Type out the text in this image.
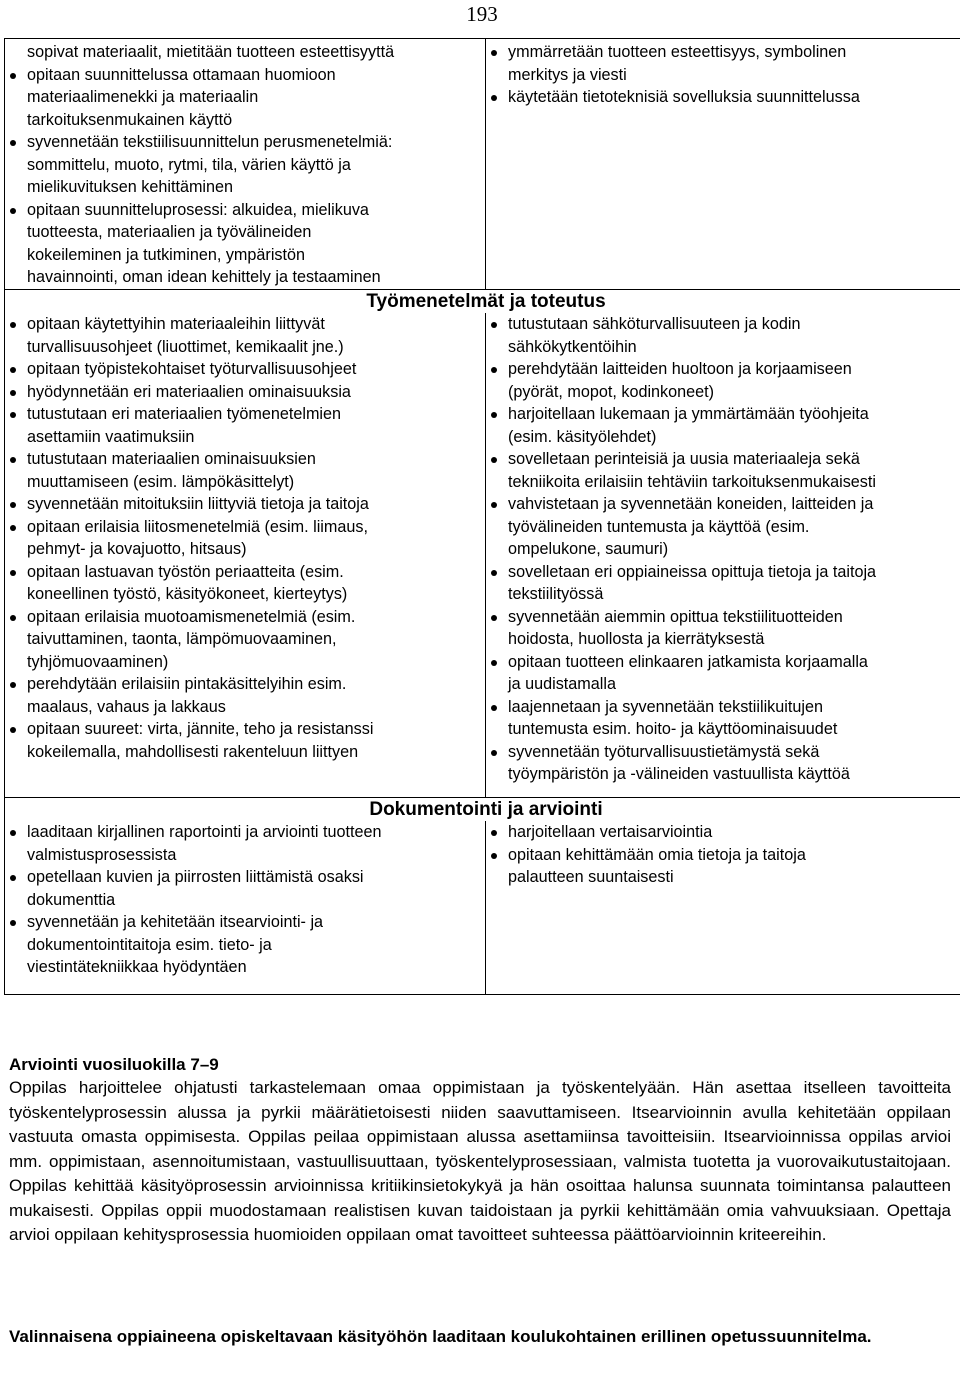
193
sopivat materiaalit, mietitään tuotteen esteettisyyttä
opitaan suunnittelussa ottamaan huomioon
materiaalimenekki ja materiaalin
tarkoituksenmukainen käyttö
syvennetään tekstiilisuunnittelun perusmenetelmiä:
sommittelu, muoto, rytmi, tila, värien käyttö ja
mielikuvituksen kehittäminen
opitaan suunnitteluprosessi: alkuidea, mielikuva
tuotteesta, materiaalien ja työvälineiden
kokeileminen ja tutkiminen, ympäristön
havainnointi, oman idean kehittely ja testaaminen

ymmärretään tuotteen esteettisyys, symbolinen
merkitys ja viesti
käytetään tietoteknisiä sovelluksia suunnittelussa

Työmenetelmät ja toteutus
opitaan käytettyihin materiaaleihin liittyvät
turvallisuusohjeet (liuottimet, kemikaalit jne.)
opitaan työpistekohtaiset työturvallisuusohjeet
hyödynnetään eri materiaalien ominaisuuksia
tutustutaan eri materiaalien työmenetelmien
asettamiin vaatimuksiin
tutustutaan materiaalien ominaisuuksien
muuttamiseen (esim. lämpökäsittelyt)
syvennetään mitoituksiin liittyviä tietoja ja taitoja
opitaan erilaisia liitosmenetelmiä (esim. liimaus,
pehmyt- ja kovajuotto, hitsaus)
opitaan lastuavan työstön periaatteita (esim.
koneellinen työstö, käsityökoneet, kierteytys)
opitaan erilaisia muotoamismenetelmiä (esim.
taivuttaminen, taonta, lämpömuovaaminen,
tyhjömuovaaminen)
perehdytään erilaisiin pintakäsittelyihin esim.
maalaus, vahaus ja lakkaus
opitaan suureet: virta, jännite, teho ja resistanssi
kokeilemalla, mahdollisesti rakenteluun liittyen

tutustutaan sähköturvallisuuteen ja kodin
sähkökytkentöihin
perehdytään laitteiden huoltoon ja korjaamiseen
(pyörät, mopot, kodinkoneet)
harjoitellaan lukemaan ja ymmärtämään työohjeita
(esim. käsityölehdet)
sovelletaan perinteisiä ja uusia materiaaleja sekä
tekniikoita erilaisiin tehtäviin tarkoituksenmukaisesti
vahvistetaan ja syvennetään koneiden, laitteiden ja
työvälineiden tuntemusta ja käyttöä (esim.
ompelukone, saumuri)
sovelletaan eri oppiaineissa opittuja tietoja ja taitoja
tekstiilityössä
syvennetään aiemmin opittua tekstiilituotteiden
hoidosta, huollosta ja kierrätyksestä
opitaan tuotteen elinkaaren jatkamista korjaamalla
ja uudistamalla
laajennetaan ja syvennetään tekstiilikuitujen
tuntemusta esim. hoito- ja käyttöominaisuudet
syvennetään työturvallisuustietämystä sekä
työympäristön ja -välineiden vastuullista käyttöä

Dokumentointi ja arviointi
laaditaan kirjallinen raportointi ja arviointi tuotteen
valmistusprosessista
opetellaan kuvien ja piirrosten liittämistä osaksi
dokumenttia
syvennetään ja kehitetään itsearviointi- ja
dokumentointitaitoja esim. tieto- ja
viestintätekniikkaa hyödyntäen

harjoitellaan vertaisarviointia
opitaan kehittämään omia tietoja ja taitoja
palautteen suuntaisesti
Arviointi vuosiluokilla 7–9

Oppilas harjoittelee ohjatusti tarkastelemaan omaa oppimistaan ja työskentelyään. Hän asettaa itselleen tavoitteita työskentelyprosessin alussa ja pyrkii määrätietoisesti niiden saavuttamiseen. Itsearvioinnin avulla kehitetään oppilaan vastuuta omasta oppimisesta. Oppilas peilaa oppimistaan alussa asettamiinsa tavoitteisiin. Itsearvioinnissa oppilas arvioi mm. oppimistaan, asennoitumistaan, vastuullisuuttaan, työskentelyprosessiaan, valmista tuotetta ja vuorovaikutustaitojaan. Oppilas kehittää käsityöprosessin arvioinnissa kritiikinsietokykyä ja hän osoittaa halunsa suunnata toimintansa palautteen mukaisesti. Oppilas oppii muodostamaan realistisen kuvan taidoistaan ja pyrkii kehittämään omia vahvuuksiaan. Opettaja arvioi oppilaan kehitysprosessia huomioiden oppilaan omat tavoitteet suhteessa päättöarvioinnin kriteereihin.

Valinnaisena oppiaineena opiskeltavaan käsityöhön laaditaan koulukohtainen erillinen opetussuunnitelma.
